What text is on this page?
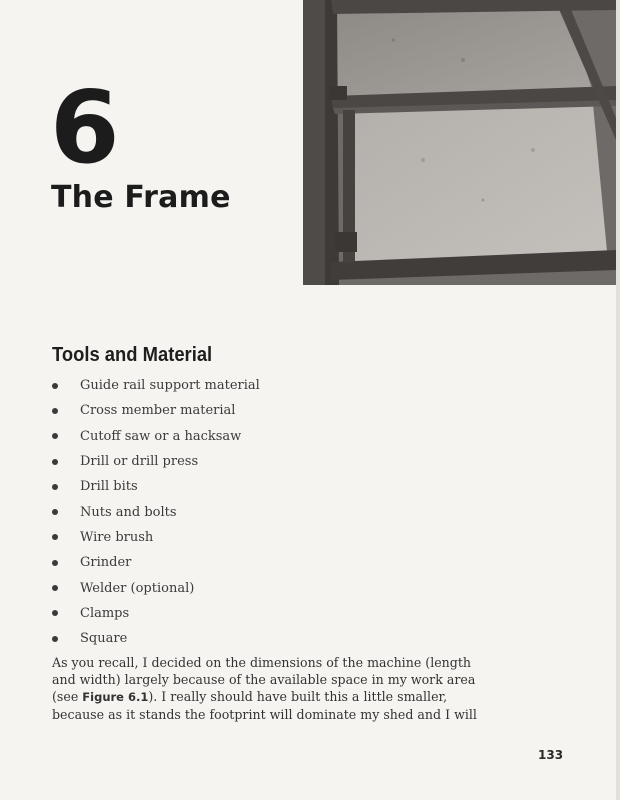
6
The Frame
Tools and Material
Guide rail support material
Cross member material
Cutoff saw or a hacksaw
Drill or drill press
Drill bits
Nuts and bolts
Wire brush
Grinder
Welder (optional)
Clamps
Square

As you recall, I decided on the dimensions of the machine (length
and width) largely because of the available space in my work area
(see Figure 6.1). I really should have built this a little smaller,
because as it stands the footprint will dominate my shed and I will

133
